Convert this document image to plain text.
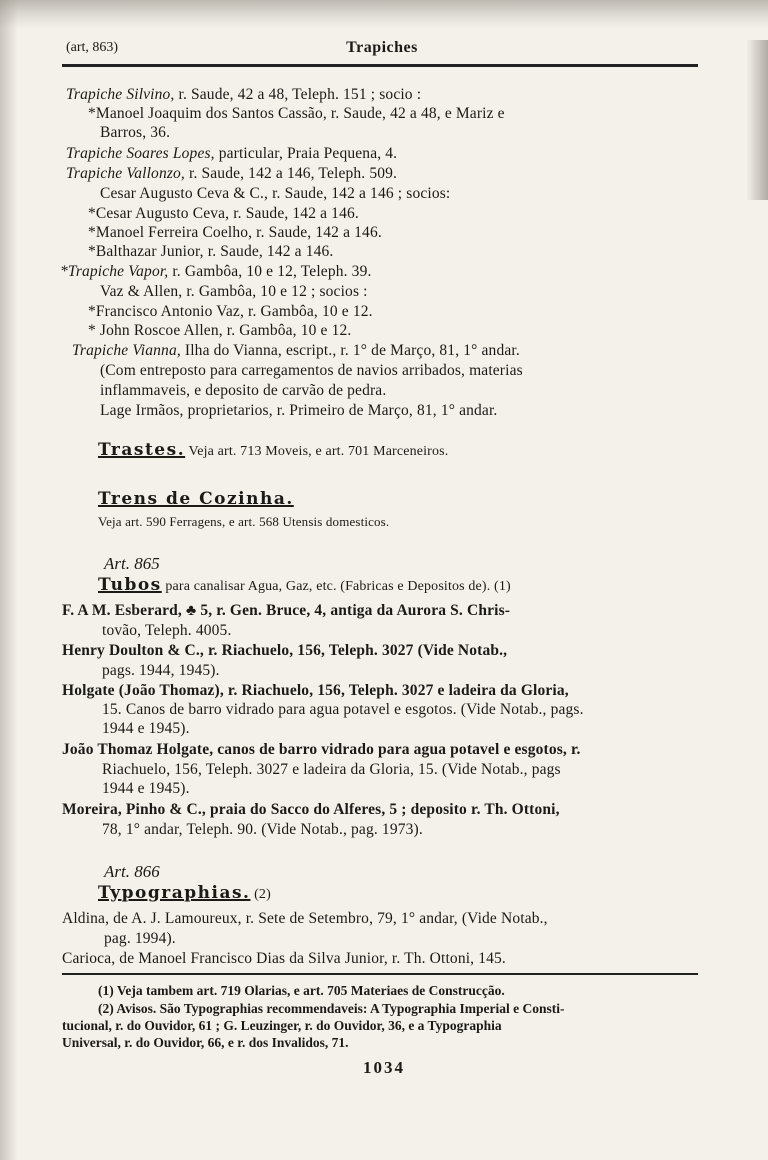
(art, 863)	Trapiches
Trapiche Silvino, r. Saude, 42 a 48, Teleph. 151 ; socio :
*Manoel Joaquim dos Santos Cassão, r. Saude, 42 a 48, e Mariz e
Barros, 36.
Trapiche Soares Lopes, particular, Praia Pequena, 4.
Trapiche Vallonzo, r. Saude, 142 a 146, Teleph. 509.
Cesar Augusto Ceva & C., r. Saude, 142 a 146 ; socios:
*Cesar Augusto Ceva, r. Saude, 142 a 146.
*Manoel Ferreira Coelho, r. Saude, 142 a 146.
*Balthazar Junior, r. Saude, 142 a 146.
*Trapiche Vapor, r. Gambôa, 10 e 12, Teleph. 39.
Vaz & Allen, r. Gambôa, 10 e 12 ; socios :
*Francisco Antonio Vaz, r. Gambôa, 10 e 12.
* John Roscoe Allen, r. Gambôa, 10 e 12.
Trapiche Vianna, Ilha do Vianna, escript., r. 1° de Março, 81, 1° andar.
(Com entreposto para carregamentos de navios arribados, materias
inflammaveis, e deposito de carvão de pedra.
Lage Irmãos, proprietarios, r. Primeiro de Março, 81, 1° andar.
Trastes. Veja art. 713 Moveis, e art. 701 Marceneiros.
Trens de Cozinha.
Veja art. 590 Ferragens, e art. 568 Utensis domesticos.
Art. 865
Tubos para canalisar Agua, Gaz, etc. (Fabricas e Depositos de). (1)
F. A M. Esberard, ♣ 5, r. Gen. Bruce, 4, antiga da Aurora S. Chris-
tovão, Teleph. 4005.
Henry Doulton & C., r. Riachuelo, 156, Teleph. 3027 (Vide Notab.,
pags. 1944, 1945).
Holgate (João Thomaz), r. Riachuelo, 156, Teleph. 3027 e ladeira da Gloria,
15. Canos de barro vidrado para agua potavel e esgotos. (Vide Notab., pags.
1944 e 1945).
João Thomaz Holgate, canos de barro vidrado para agua potavel e esgotos, r.
Riachuelo, 156, Teleph. 3027 e ladeira da Gloria, 15. (Vide Notab., pags
1944 e 1945).
Moreira, Pinho & C., praia do Sacco do Alferes, 5 ; deposito r. Th. Ottoni,
78, 1° andar, Teleph. 90. (Vide Notab., pag. 1973).
Art. 866
Typographias. (2)
Aldina, de A. J. Lamoureux, r. Sete de Setembro, 79, 1° andar, (Vide Notab.,
pag. 1994).
Carioca, de Manoel Francisco Dias da Silva Junior, r. Th. Ottoni, 145.
(1) Veja tambem art. 719 Olarias, e art. 705 Materiaes de Construcção.
(2) Avisos. São Typographias recommendaveis: A Typographia Imperial e Consti-
tucional, r. do Ouvidor, 61 ; G. Leuzinger, r. do Ouvidor, 36, e a Typographia
Universal, r. do Ouvidor, 66, e r. dos Invalidos, 71.
1034
